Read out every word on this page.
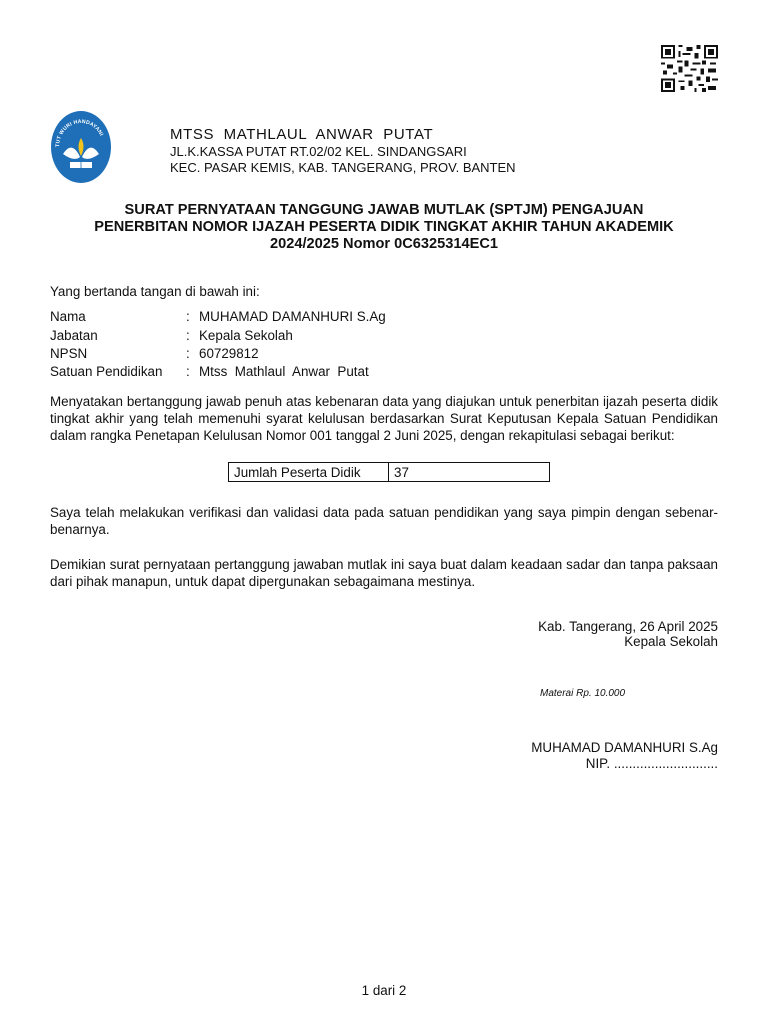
TUT WURI HANDAYANI	MTSS  MATHLAUL  ANWAR  PUTAT
JL.K.KASSA PUTAT RT.02/02 KEL. SINDANGSARI
KEC. PASAR KEMIS, KAB. TANGERANG, PROV. BANTEN
SURAT PERNYATAAN TANGGUNG JAWAB MUTLAK (SPTJM) PENGAJUAN
PENERBITAN NOMOR IJAZAH PESERTA DIDIK TINGKAT AKHIR TAHUN AKADEMIK
2024/2025 Nomor 0C6325314EC1
Yang bertanda tangan di bawah ini:
Nama	: MUHAMAD DAMANHURI S.Ag
Jabatan	: Kepala Sekolah
NPSN	: 60729812
Satuan Pendidikan : Mtss  Mathlaul  Anwar  Putat
Menyatakan bertanggung jawab penuh atas kebenaran data yang diajukan untuk penerbitan ijazah peserta didik tingkat akhir yang telah memenuhi syarat kelulusan berdasarkan Surat Keputusan Kepala Satuan Pendidikan dalam rangka Penetapan Kelulusan Nomor 001 tanggal 2 Juni 2025, dengan rekapitulasi sebagai berikut:
Jumlah Peserta Didik	37
Saya telah melakukan verifikasi dan validasi data pada satuan pendidikan yang saya pimpin dengan sebenar-benarnya.
Demikian surat pernyataan pertanggung jawaban mutlak ini saya buat dalam keadaan sadar dan tanpa paksaan dari pihak manapun, untuk dapat dipergunakan sebagaimana mestinya.
Kab. Tangerang, 26 April 2025
Kepala Sekolah
Materai Rp. 10.000
MUHAMAD DAMANHURI S.Ag
NIP. ............................
1 dari 2
